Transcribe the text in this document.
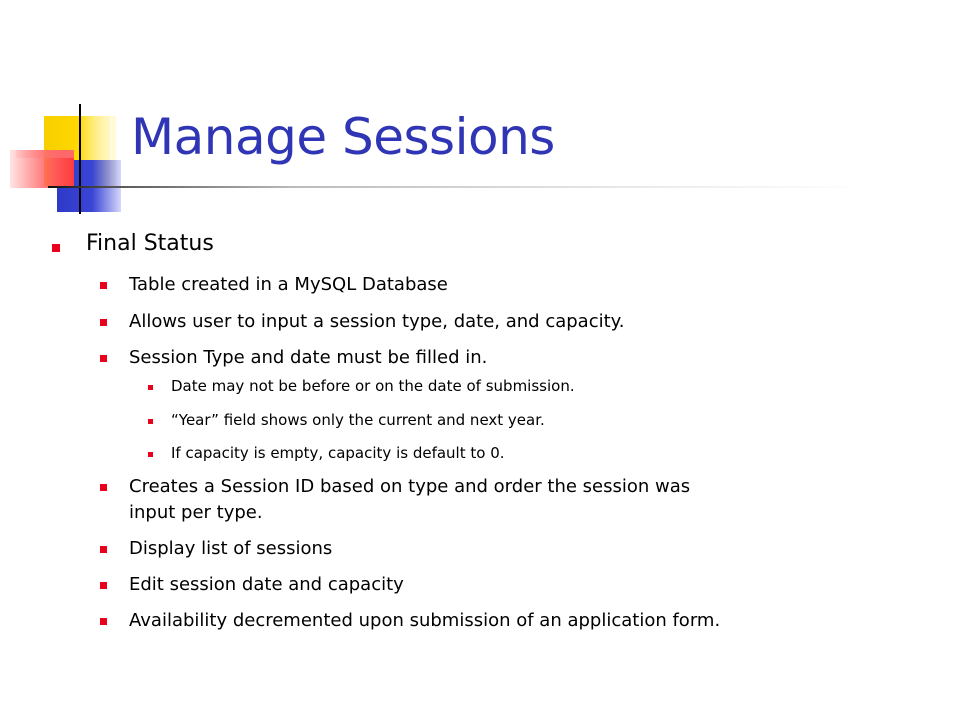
Manage Sessions
Final Status
Table created in a MySQL Database
Allows user to input a session type, date, and capacity.
Session Type and date must be filled in.
Date may not be before or on the date of submission.
“Year” field shows only the current and next year.
If capacity is empty, capacity is default to 0.
Creates a Session ID based on type and order the session was
input per type.
Display list of sessions
Edit session date and capacity
Availability decremented upon submission of an application form.
